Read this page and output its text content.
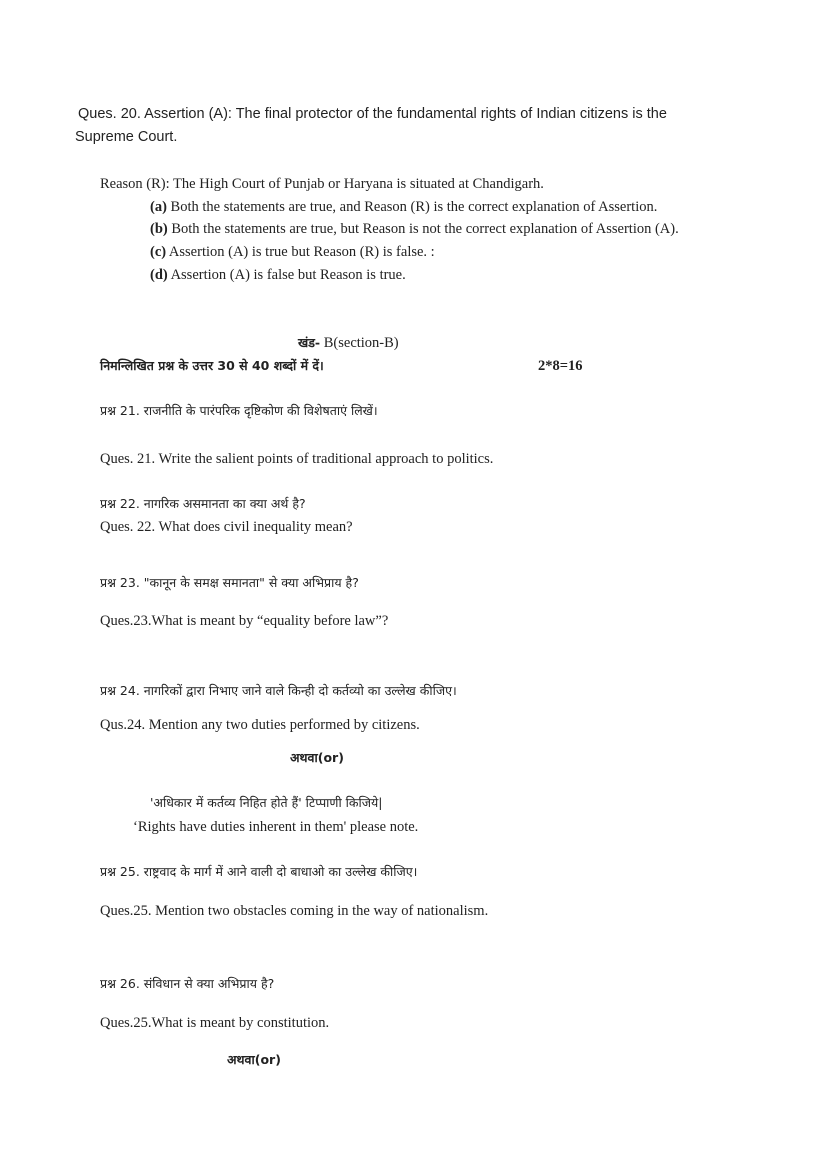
Ques. 20. Assertion (A): The final protector of the fundamental rights of Indian citizens is the
Supreme Court.
Reason (R): The High Court of Punjab or Haryana is situated at Chandigarh.
(a) Both the statements are true, and Reason (R) is the correct explanation of Assertion.
(b) Both the statements are true, but Reason is not the correct explanation of Assertion (A).
(c) Assertion (A) is true but Reason (R) is false. :
(d) Assertion (A) is false but Reason is true.
खंड- B(section-B)
निमन्लिखित प्रश्न के उत्तर 30 से 40 शब्दों में दें।	2*8=16
प्रश्न 21. राजनीति के पारंपरिक दृष्टिकोण की विशेषताएं लिखें।
Ques. 21. Write the salient points of traditional approach to politics.
प्रश्न 22. नागरिक असमानता का क्या अर्थ है?
Ques. 22. What does civil inequality mean?
प्रश्न 23. "कानून के समक्ष समानता" से क्या अभिप्राय है?
Ques.23.What is meant by “equality before law”?
प्रश्न 24. नागरिकों द्वारा निभाए जाने वाले किन्ही दो कर्तव्यो का उल्लेख कीजिए।
Qus.24. Mention any two duties performed by citizens.
अथवा(or)
'अधिकार में कर्तव्य निहित होते हैं' टिप्पाणी किजिये|
‘Rights have duties inherent in them' please note.
प्रश्न 25. राष्ट्रवाद के मार्ग में आने वाली दो बाधाओ का उल्लेख कीजिए।
Ques.25. Mention two obstacles coming in the way of nationalism.
प्रश्न 26. संविधान से क्या अभिप्राय है?
Ques.25.What is meant by constitution.
अथवा(or)
